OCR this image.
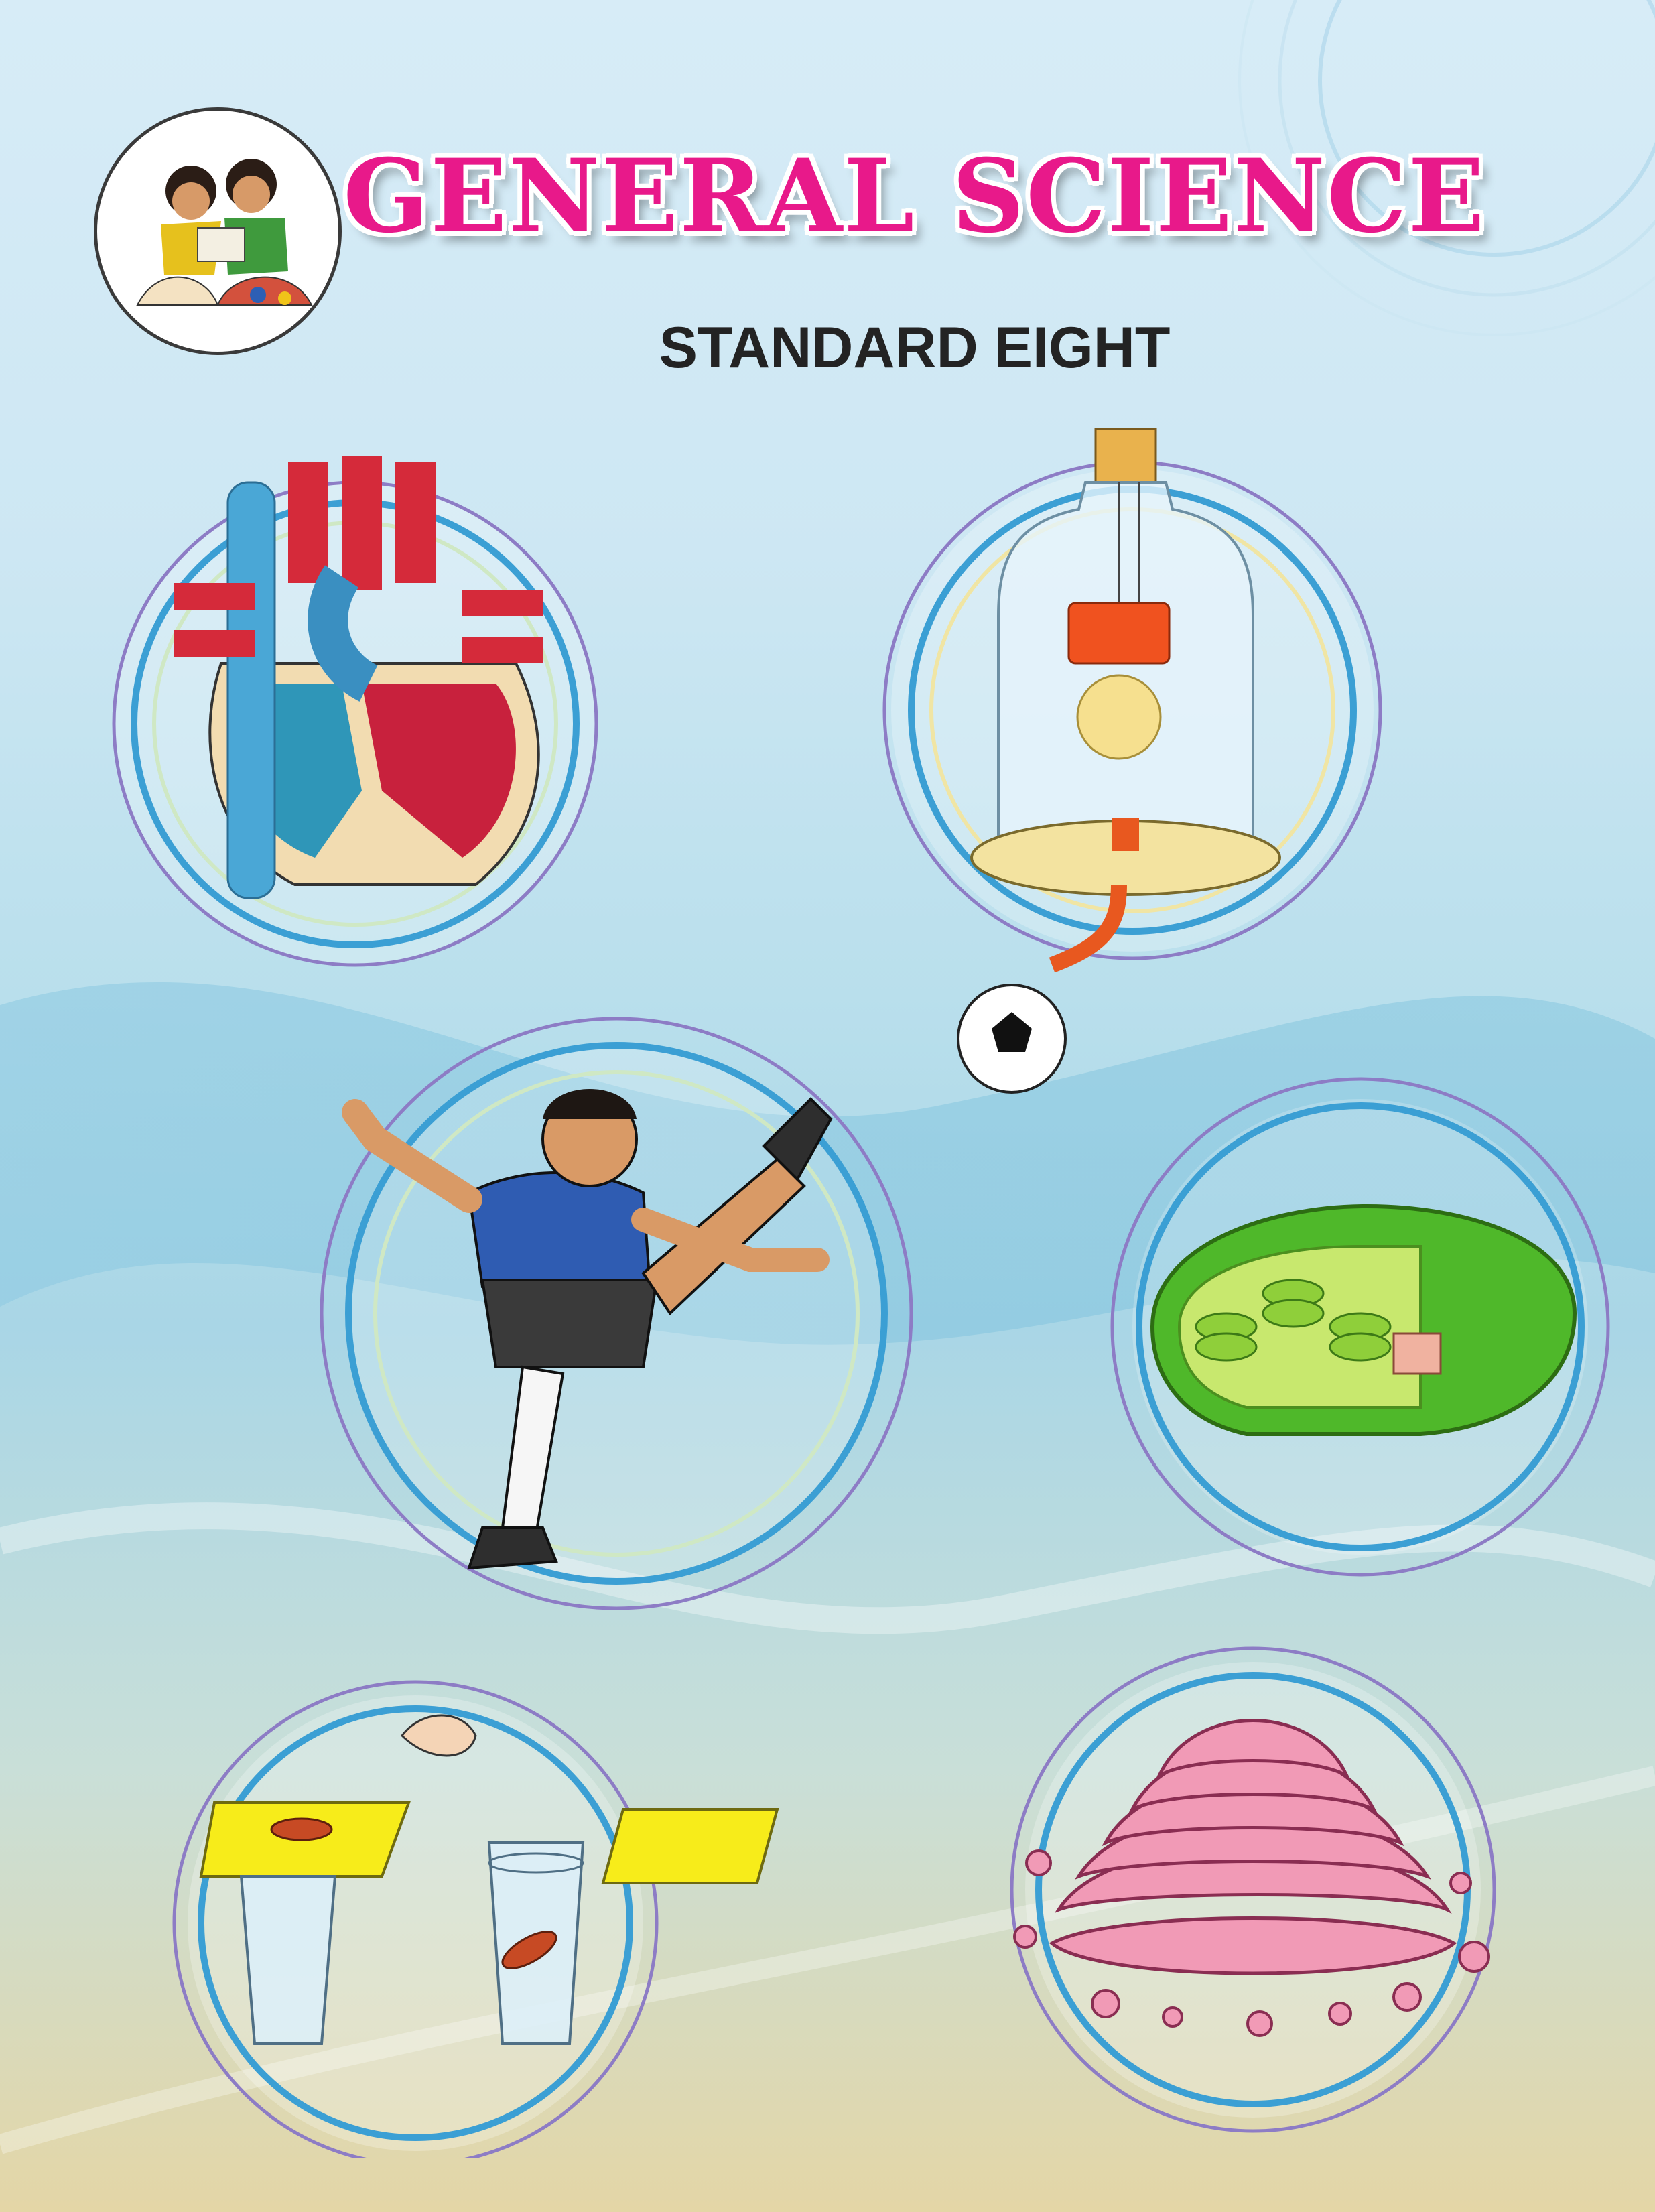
GENERAL SCIENCE
STANDARD EIGHT
